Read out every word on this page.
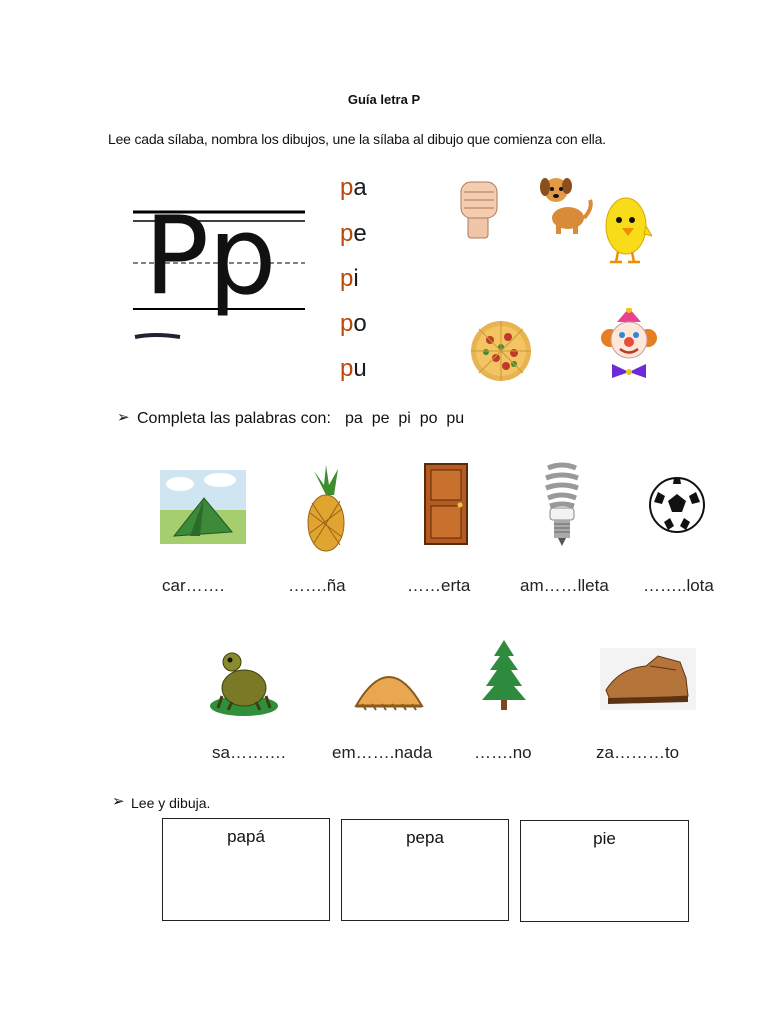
Guía letra P
Lee cada sílaba, nombra los dibujos, une la sílaba al dibujo que comienza con ella.
P
p
pa
pe
pi
po
pu
➢ Completa las palabras con: pa  pe  pi  po  pu
car…….	…….ña	……erta	am……lleta ……..lota
sa……….	em…….nada …….no	za………to
➢ Lee y dibuja.
papá	pepa	pie
